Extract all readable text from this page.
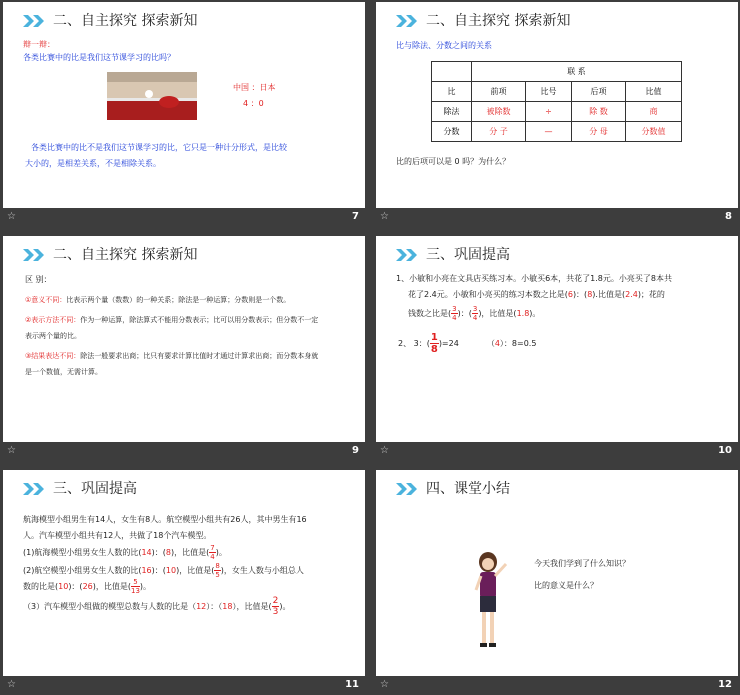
二、自主探究 探索新知
辩一辩：
各类比赛中的比是我们这节课学习的比吗？
中国 ：日本
4 ：0
各类比赛中的比不是我们这节课学习的比，它只是一种计分形式，是比较
大小的，是相差关系，不是相除关系。
☆	7
二、自主探究 探索新知
比与除法、分数之间的关系
	联 系			
比	前项	比号	后项	比值
除法	被除数	÷	除 数	商
分数	分 子	—	分 母	分数值
比的后项可以是 0 吗？为什么？
☆	8
二、自主探究 探索新知
区 别：
①意义不同：比表示两个量（数数）的一种关系；除法是一种运算；分数则是一个数。
②表示方法不同：作为一种运算，除法算式不能用分数表示；比可以用分数表示；但分数不一定
表示两个量的比。
③结果表达不同：除法一般要求出商；比只有要求计算比值时才通过计算求出商；而分数本身就
是一个数值，无需计算。
☆	9
三、巩固提高
1、小敏和小亮在文具店买练习本。小敏买6本，共花了1.8元。小亮买了8本共
花了2.4元。小敏和小亮买的练习本数之比是(6)：(8).比值是(2.4)；花的
钱数之比是( $\frac{3}{4}$ )：( $\frac{3}{4}$ )，比值是(1.8)。
2、 3：( $\frac{1}{8} )=24$	（4）：8=0.5
☆	10
三、巩固提高
航海模型小组男生有14人，女生有8人。航空模型小组共有26人，其中男生有16
人。汽车模型小组共有12人，共做了18个汽车模型。
(1)航海模型小组男女生人数的比(14)：(8)，比值是( $\frac{7}{4}$ )。
(2)航空模型小组男女生人数的比(16)：(10)，比值是( $\frac{8}{5}$ )，女生人数与小组总人
数的比是(10)：(26)，比值是( $\frac{5}{13}$ )。
（3）汽车模型小组做的模型总数与人数的比是（12）：（18），比值是( $\frac{2}{3}$ )。
☆	11
四、课堂小结
今天我们学到了什么知识？
比的意义是什么？
☆	12
